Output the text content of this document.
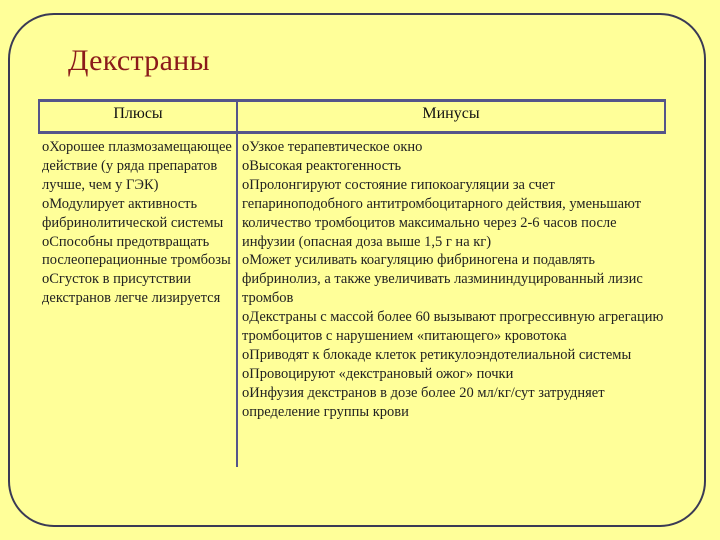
Декстраны
Плюсы	Минусы
oХорошее плазмозамещающее действие (у ряда препаратов лучше, чем у ГЭК)
oМодулирует активность фибринолитической системы
oСпособны предотвращать послеоперационные тромбозы
oСгусток в присутствии декстранов легче лизируется
oУзкое терапевтическое окно
oВысокая реактогенность
oПролонгируют состояние гипокоагуляции за счет гепариноподобного антитромбоцитарного действия, уменьшают количество тромбоцитов максимально через 2-6 часов после инфузии (опасная доза выше 1,5 г на кг)
oМожет усиливать коагуляцию фибриногена и подавлять фибринолиз, а также увеличивать лазмининдуцированный лизис тромбов
oДекстраны с массой более 60 вызывают прогрессивную агрегацию тромбоцитов с нарушением «питающего» кровотока
oПриводят к блокаде клеток ретикулоэндотелиальной системы
oПровоцируют «декстрановый ожог» почки
oИнфузия декстранов в дозе более 20 мл/кг/сут затрудняет определение группы крови
